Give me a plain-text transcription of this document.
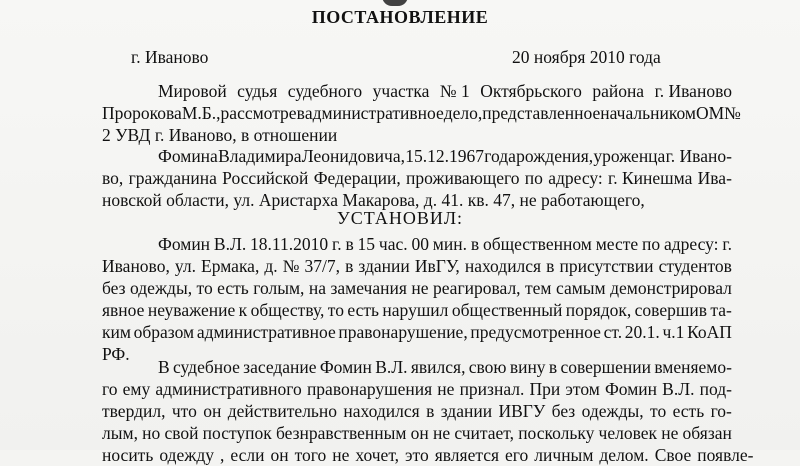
ПОСТАНОВЛЕНИЕ
г. Иваново	20 ноября 2010 года
УСТАНОВИЛ:
Мировой судья судебного участка № 1 Октябрьского района г. Иваново
Пророкова М.Б., рассмотрев административное дело, представленное начальником ОМ №
2 УВД г. Иваново, в отношении
Фомина Владимира Леонидовича, 15.12.1967 года рождения, уроженца г. Ивано-
во, гражданина Российской Федерации, проживающего по адресу: г. Кинешма Ива-
новской области, ул. Аристарха Макарова, д. 41. кв. 47, не работающего,
Фомин В.Л. 18.11.2010 г. в 15 час. 00 мин. в общественном месте по адресу: г.
Иваново, ул. Ермака, д. № 37/7, в здании ИвГУ, находился в присутствии студентов
без одежды, то есть голым, на замечания не реагировал, тем самым демонстрировал
явное неуважение к обществу, то есть нарушил общественный порядок, совершив та-
ким образом административное правонарушение, предусмотренное ст. 20.1. ч.1 КоАП
РФ.
В судебное заседание Фомин В.Л. явился, свою вину в совершении вменяемо-
го ему административного правонарушения не признал. При этом Фомин В.Л. под-
твердил, что он действительно находился в здании ИВГУ без одежды, то есть го-
лым, но свой поступок безнравственным он не считает, поскольку человек не обязан
носить одежду , если он того не хочет, это является его личным делом. Свое появле-
